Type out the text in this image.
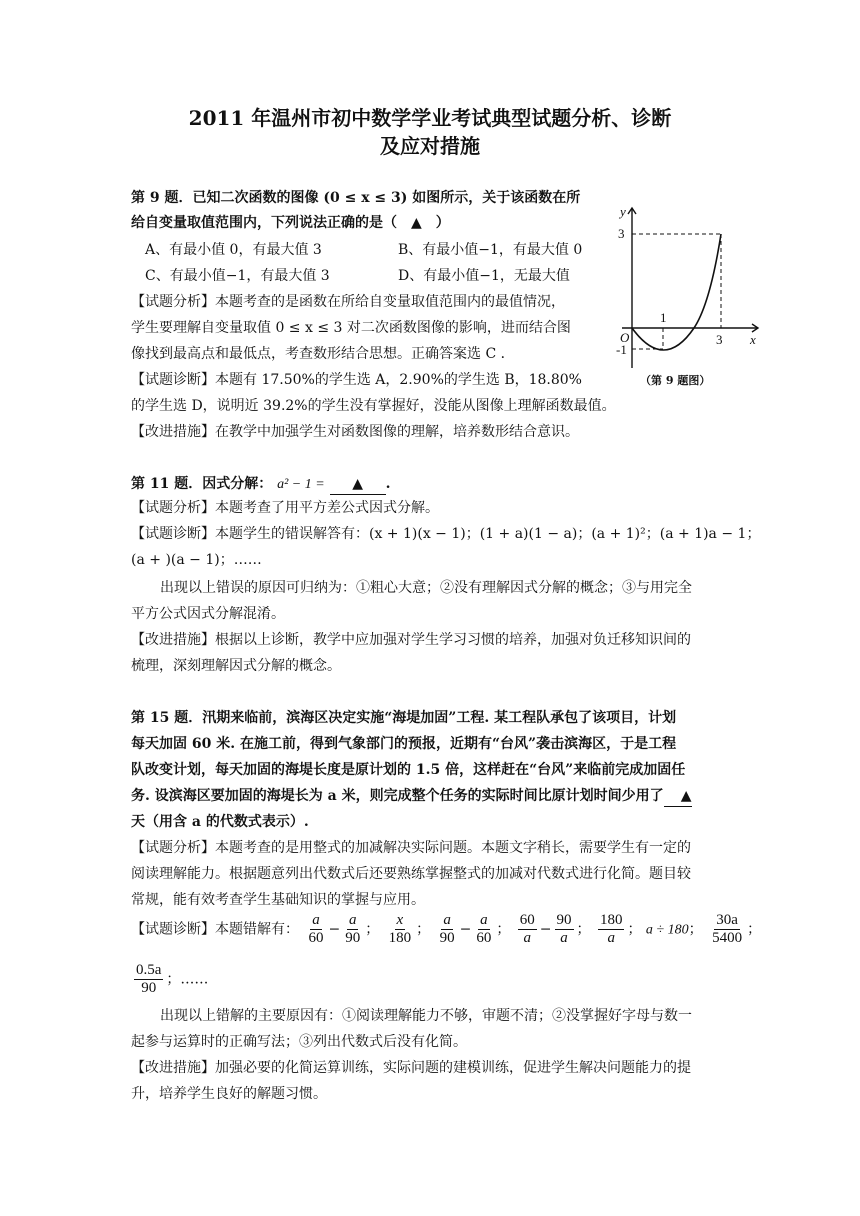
2011 年温州市初中数学学业考试典型试题分析、诊断
及应对措施
第 9 题．已知二次函数的图像 (0 ≤ x ≤ 3) 如图所示，关于该函数在所
给自变量取值范围内，下列说法正确的是（　▲　）
A、有最小值 0，有最大值 3	B、有最小值−1，有最大值 0
C、有最小值−1，有最大值 3	D、有最小值−1，无最大值
【试题分析】本题考查的是函数在所给自变量取值范围内的最值情况，
学生要理解自变量取值 0 ≤ x ≤ 3 对二次函数图像的影响，进而结合图
像找到最高点和最低点，考查数形结合思想。正确答案选 C ．
【试题诊断】本题有 17.50%的学生选 A，2.90%的学生选 B，18.80%
的学生选 D，说明近 39.2%的学生没有掌握好，没能从图像上理解函数最值。
【改进措施】在教学中加强学生对函数图像的理解，培养数形结合意识。
y
x
O
1
3
3
-1
（第 9 题图）
第 11 题．因式分解： a² − 1 = ▲ .
【试题分析】本题考查了用平方差公式因式分解。
【试题诊断】本题学生的错误解答有：(x + 1)(x − 1)；(1 + a)(1 − a)；(a + 1)²；(a + 1)a − 1；
(a + )(a − 1)；……
出现以上错误的原因可归纳为：①粗心大意；②没有理解因式分解的概念；③与用完全
平方公式因式分解混淆。
【改进措施】根据以上诊断，教学中应加强对学生学习习惯的培养，加强对负迁移知识间的
梳理，深刻理解因式分解的概念。
第 15 题．汛期来临前，滨海区决定实施“海堤加固”工程. 某工程队承包了该项目，计划
每天加固 60 米. 在施工前，得到气象部门的预报，近期有“台风”袭击滨海区，于是工程
队改变计划，每天加固的海堤长度是原计划的 1.5 倍，这样赶在“台风”来临前完成加固任
务. 设滨海区要加固的海堤长为 a 米，则完成整个任务的实际时间比原计划时间少用了 ▲
天（用含 a 的代数式表示）.
【试题分析】本题考查的是用整式的加减解决实际问题。本题文字稍长，需要学生有一定的
阅读理解能力。根据题意列出代数式后还要熟练掌握整式的加减对代数式进行化简。题目较
常规，能有效考查学生基础知识的掌握与应用。
【试题诊断】本题错解有： $\frac{a}{60} - \frac{a}{90}$ ； $\frac{x}{180}$ ； $\frac{a}{90} - \frac{a}{60}$ ； $\frac{60}{a} - \frac{90}{a}$ ； $\frac{180}{a}$ ； a ÷ 180； $\frac{30a}{5400}$ ；
$\frac{0.5a}{90}$ ；……
出现以上错解的主要原因有：①阅读理解能力不够，审题不清；②没掌握好字母与数一
起参与运算时的正确写法；③列出代数式后没有化简。
【改进措施】加强必要的化简运算训练，实际问题的建模训练，促进学生解决问题能力的提
升，培养学生良好的解题习惯。
